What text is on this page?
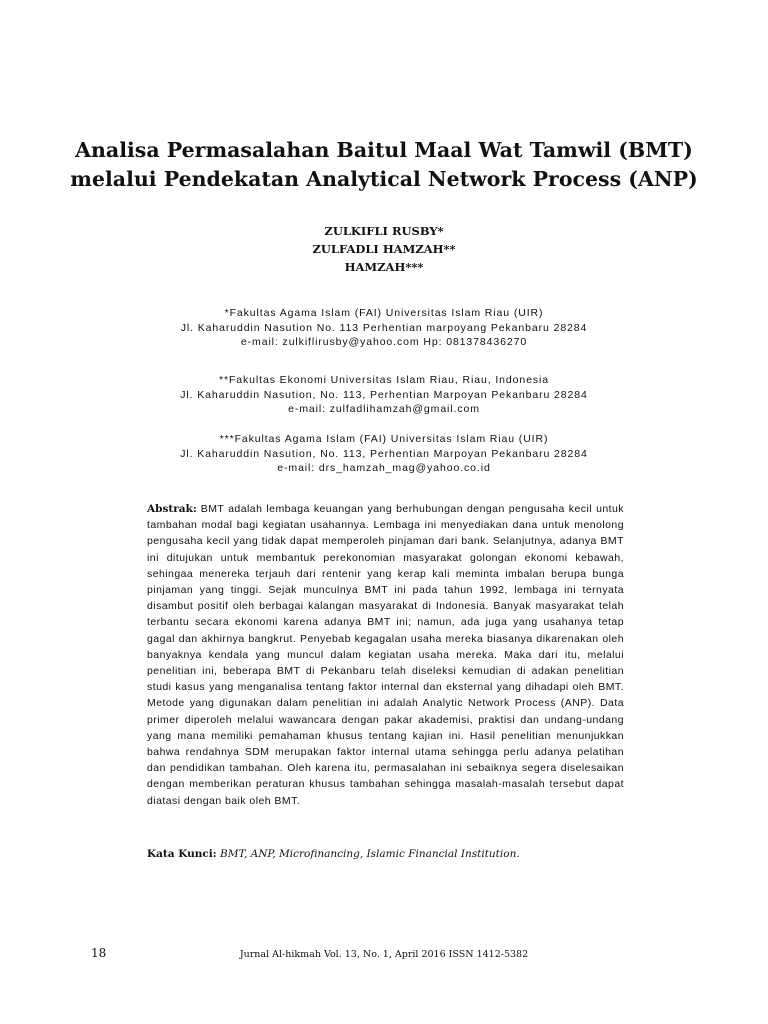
Analisa Permasalahan Baitul Maal Wat Tamwil (BMT)
melalui Pendekatan Analytical Network Process (ANP)
ZULKIFLI RUSBY*
ZULFADLI HAMZAH**
HAMZAH***
*Fakultas Agama Islam (FAI) Universitas Islam Riau (UIR)
Jl. Kaharuddin Nasution No. 113 Perhentian marpoyang Pekanbaru 28284
e-mail: zulkiflirusby@yahoo.com Hp: 081378436270
**Fakultas Ekonomi Universitas Islam Riau, Riau, Indonesia
Jl. Kaharuddin Nasution, No. 113, Perhentian Marpoyan Pekanbaru 28284
e-mail: zulfadlihamzah@gmail.com
***Fakultas Agama Islam (FAI) Universitas Islam Riau (UIR)
Jl. Kaharuddin Nasution, No. 113, Perhentian Marpoyan Pekanbaru 28284
e-mail: drs_hamzah_mag@yahoo.co.id
Abstrak: BMT adalah lembaga keuangan yang berhubungan dengan pengusaha kecil untuk tambahan modal bagi kegiatan usahannya. Lembaga ini menyediakan dana untuk menolong pengusaha kecil yang tidak dapat memperoleh pinjaman dari bank. Selanjutnya, adanya BMT ini ditujukan untuk membantuk perekonomian masyarakat golongan ekonomi kebawah, sehingaa menereka terjauh dari rentenir yang kerap kali meminta imbalan berupa bunga pinjaman yang tinggi. Sejak munculnya BMT ini pada tahun 1992, lembaga ini ternyata disambut positif oleh berbagai kalangan masyarakat di Indonesia. Banyak masyarakat telah terbantu secara ekonomi karena adanya BMT ini; namun, ada juga yang usahanya tetap gagal dan akhirnya bangkrut. Penyebab kegagalan usaha mereka biasanya dikarenakan oleh banyaknya kendala yang muncul dalam kegiatan usaha mereka. Maka dari itu, melalui penelitian ini, beberapa BMT di Pekanbaru telah diseleksi kemudian di adakan penelitian studi kasus yang menganalisa tentang faktor internal dan eksternal yang dihadapi oleh BMT. Metode yang digunakan dalam penelitian ini adalah Analytic Network Process (ANP). Data primer diperoleh melalui wawancara dengan pakar akademisi, praktisi dan undang-undang yang mana memiliki pemahaman khusus tentang kajian ini. Hasil penelitian menunjukkan bahwa rendahnya SDM merupakan faktor internal utama sehingga perlu adanya pelatihan dan pendidikan tambahan. Oleh karena itu, permasalahan ini sebaiknya segera diselesaikan dengan memberikan peraturan khusus tambahan sehingga masalah-masalah tersebut dapat diatasi dengan baik oleh BMT.
Kata Kunci: BMT, ANP, Microfinancing, Islamic Financial Institution.
18	Jurnal Al-hikmah Vol. 13, No. 1, April 2016 ISSN 1412-5382
